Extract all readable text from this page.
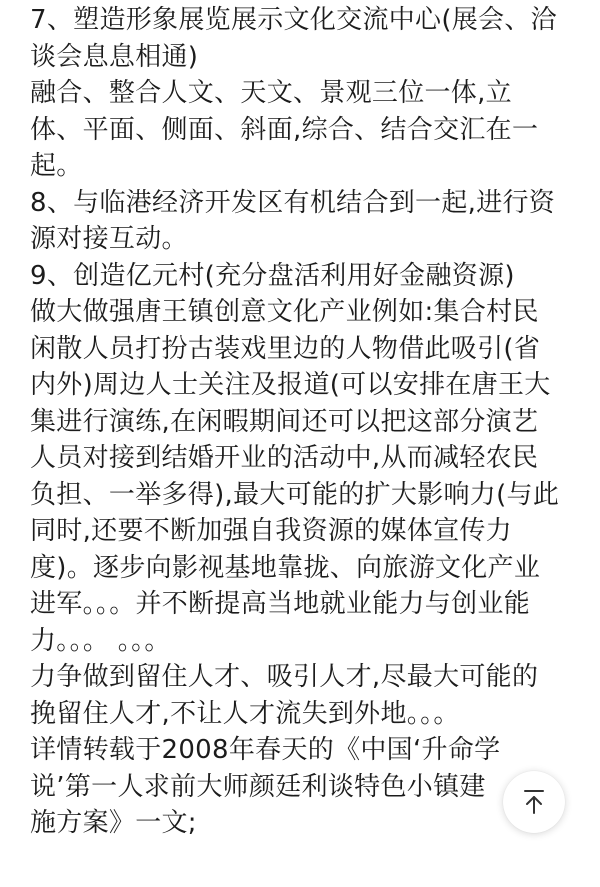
7、塑造形象展览展示文化交流中心(展会、洽
谈会息息相通)
融合、整合人文、天文、景观三位一体,立
体、平面、侧面、斜面,综合、结合交汇在一
起。
8、与临港经济开发区有机结合到一起,进行资
源对接互动。
9、创造亿元村(充分盘活利用好金融资源)
做大做强唐王镇创意文化产业例如:集合村民
闲散人员打扮古装戏里边的人物借此吸引(省
内外)周边人士关注及报道(可以安排在唐王大
集进行演练,在闲暇期间还可以把这部分演艺
人员对接到结婚开业的活动中,从而减轻农民
负担、一举多得),最大可能的扩大影响力(与此
同时,还要不断加强自我资源的媒体宣传力
度)。逐步向影视基地靠拢、向旅游文化产业
进军。。。并不断提高当地就业能力与创业能
力。。。 。。。
力争做到留住人才、吸引人才,尽最大可能的
挽留住人才,不让人才流失到外地。。。
详情转载于2008年春天的《中国‘升命学
说’第一人求前大师颜廷利谈特色小镇建
施方案》一文;
